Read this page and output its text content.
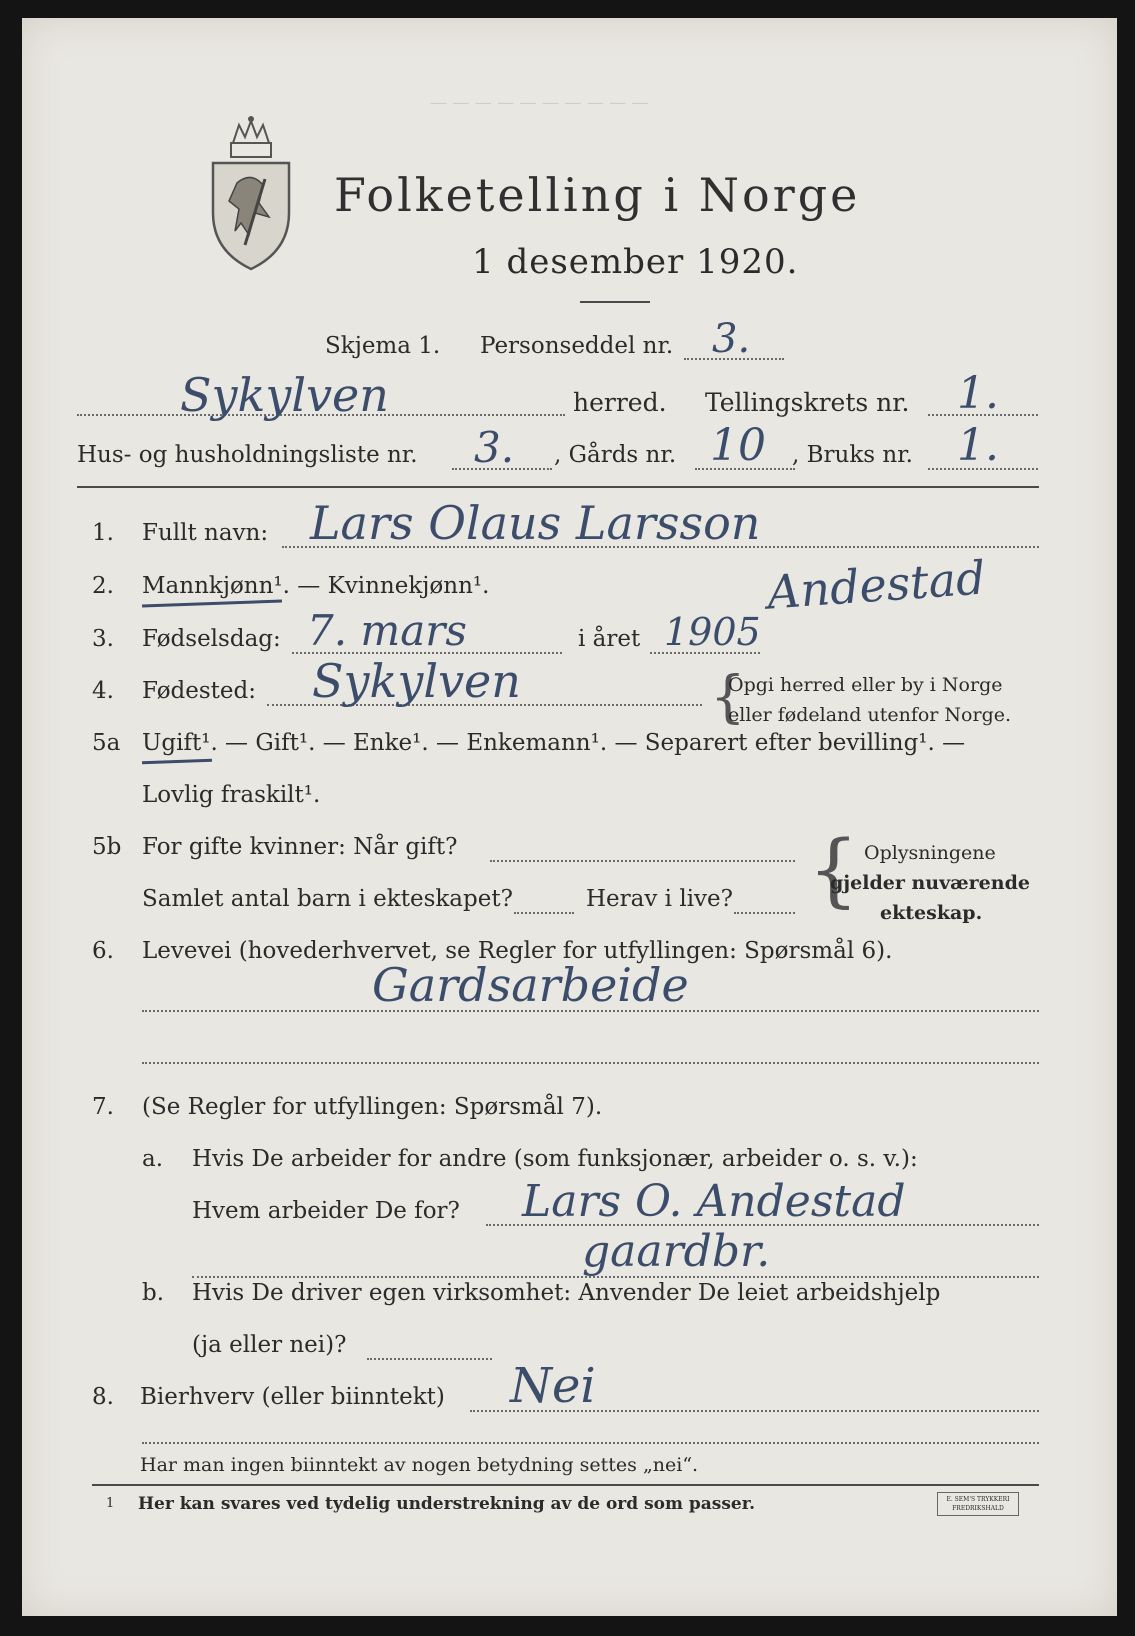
Folketelling i Norge
1 desember 1920.
— — — — — — — — — —
Skjema 1. Personseddel nr. 3.
Sykylven	herred. Tellingskrets nr. 1.
Hus- og husholdningsliste nr. 3. , Gårds nr. 10 , Bruks nr. 1.
1. Fullt navn: Lars Olaus Larsson
2. Mannkjønn¹. — Kvinnekjønn¹.	Andestad
3. Fødselsdag: 7. mars	i året 1905
4. Fødested: Sykylven	{
Opgi herred eller by i Norge
eller fødeland utenfor Norge.
5a Ugift¹. — Gift¹. — Enke¹. — Enkemann¹. — Separert efter bevilling¹. —
Lovlig fraskilt¹.
5b For gifte kvinner: Når gift?
Samlet antal barn i ekteskapet?	Herav i live? { Oplysningene
gjelder nuværende
ekteskap.
6. Levevei (hovederhvervet, se Regler for utfyllingen: Spørsmål 6).
Gardsarbeide
7. (Se Regler for utfyllingen: Spørsmål 7).
a. Hvis De arbeider for andre (som funksjonær, arbeider o. s. v.):
Hvem arbeider De for? Lars O. Andestad
gaardbr.
b. Hvis De driver egen virksomhet: Anvender De leiet arbeidshjelp
(ja eller nei)?
8. Bierhverv (eller biinntekt) Nei
Har man ingen biinntekt av nogen betydning settes „nei“.
1 Her kan svares ved tydelig understrekning av de ord som passer.	E. SEM'S TRYKKERI
FREDRIKSHALD
